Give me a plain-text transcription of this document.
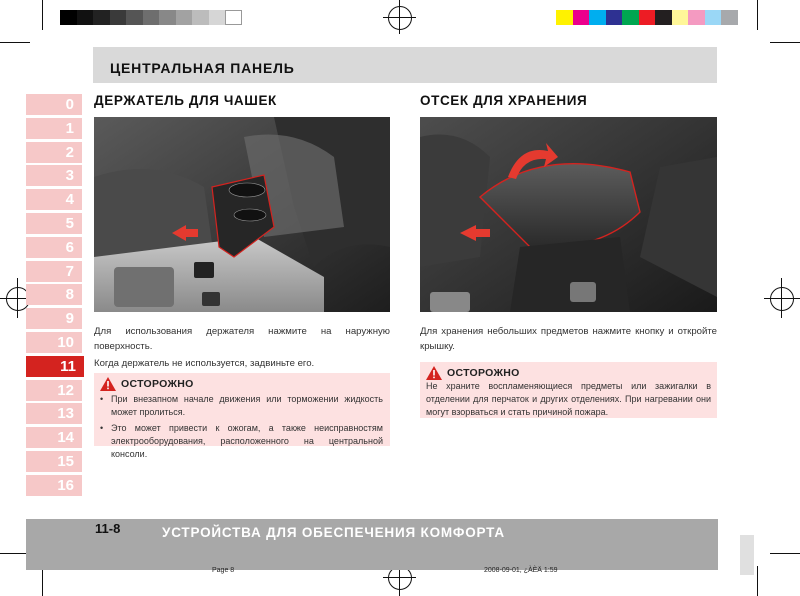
ЦЕНТРАЛЬНАЯ ПАНЕЛЬ
0
1
2
3
4
5
6
7
8
9
10
11
12
13
14
15
16
ДЕРЖАТЕЛЬ ДЛЯ ЧАШЕК
Для использования держателя нажмите на наружную поверхность.
Когда держатель не используется, задвиньте его.
ОСТОРОЖНО
• При внезапном начале движения или торможении жидкость может пролиться.
• Это может привести к ожогам, а также неисправностям электрооборудования, расположенного на центральной консоли.
ОТСЕК ДЛЯ ХРАНЕНИЯ
Для хранения небольших предметов нажмите кнопку и откройте крышку.
ОСТОРОЖНО
Не храните воспламеняющиеся предметы или зажигалки в отделении для перчаток и других отделениях. При нагревании они могут взорваться и стать причиной пожара.
11-8	УСТРОЙСТВА ДЛЯ ОБЕСПЕЧЕНИЯ КОМФОРТА
Page 8	2008-09-01, ¿ÀÈÄ 1:59
